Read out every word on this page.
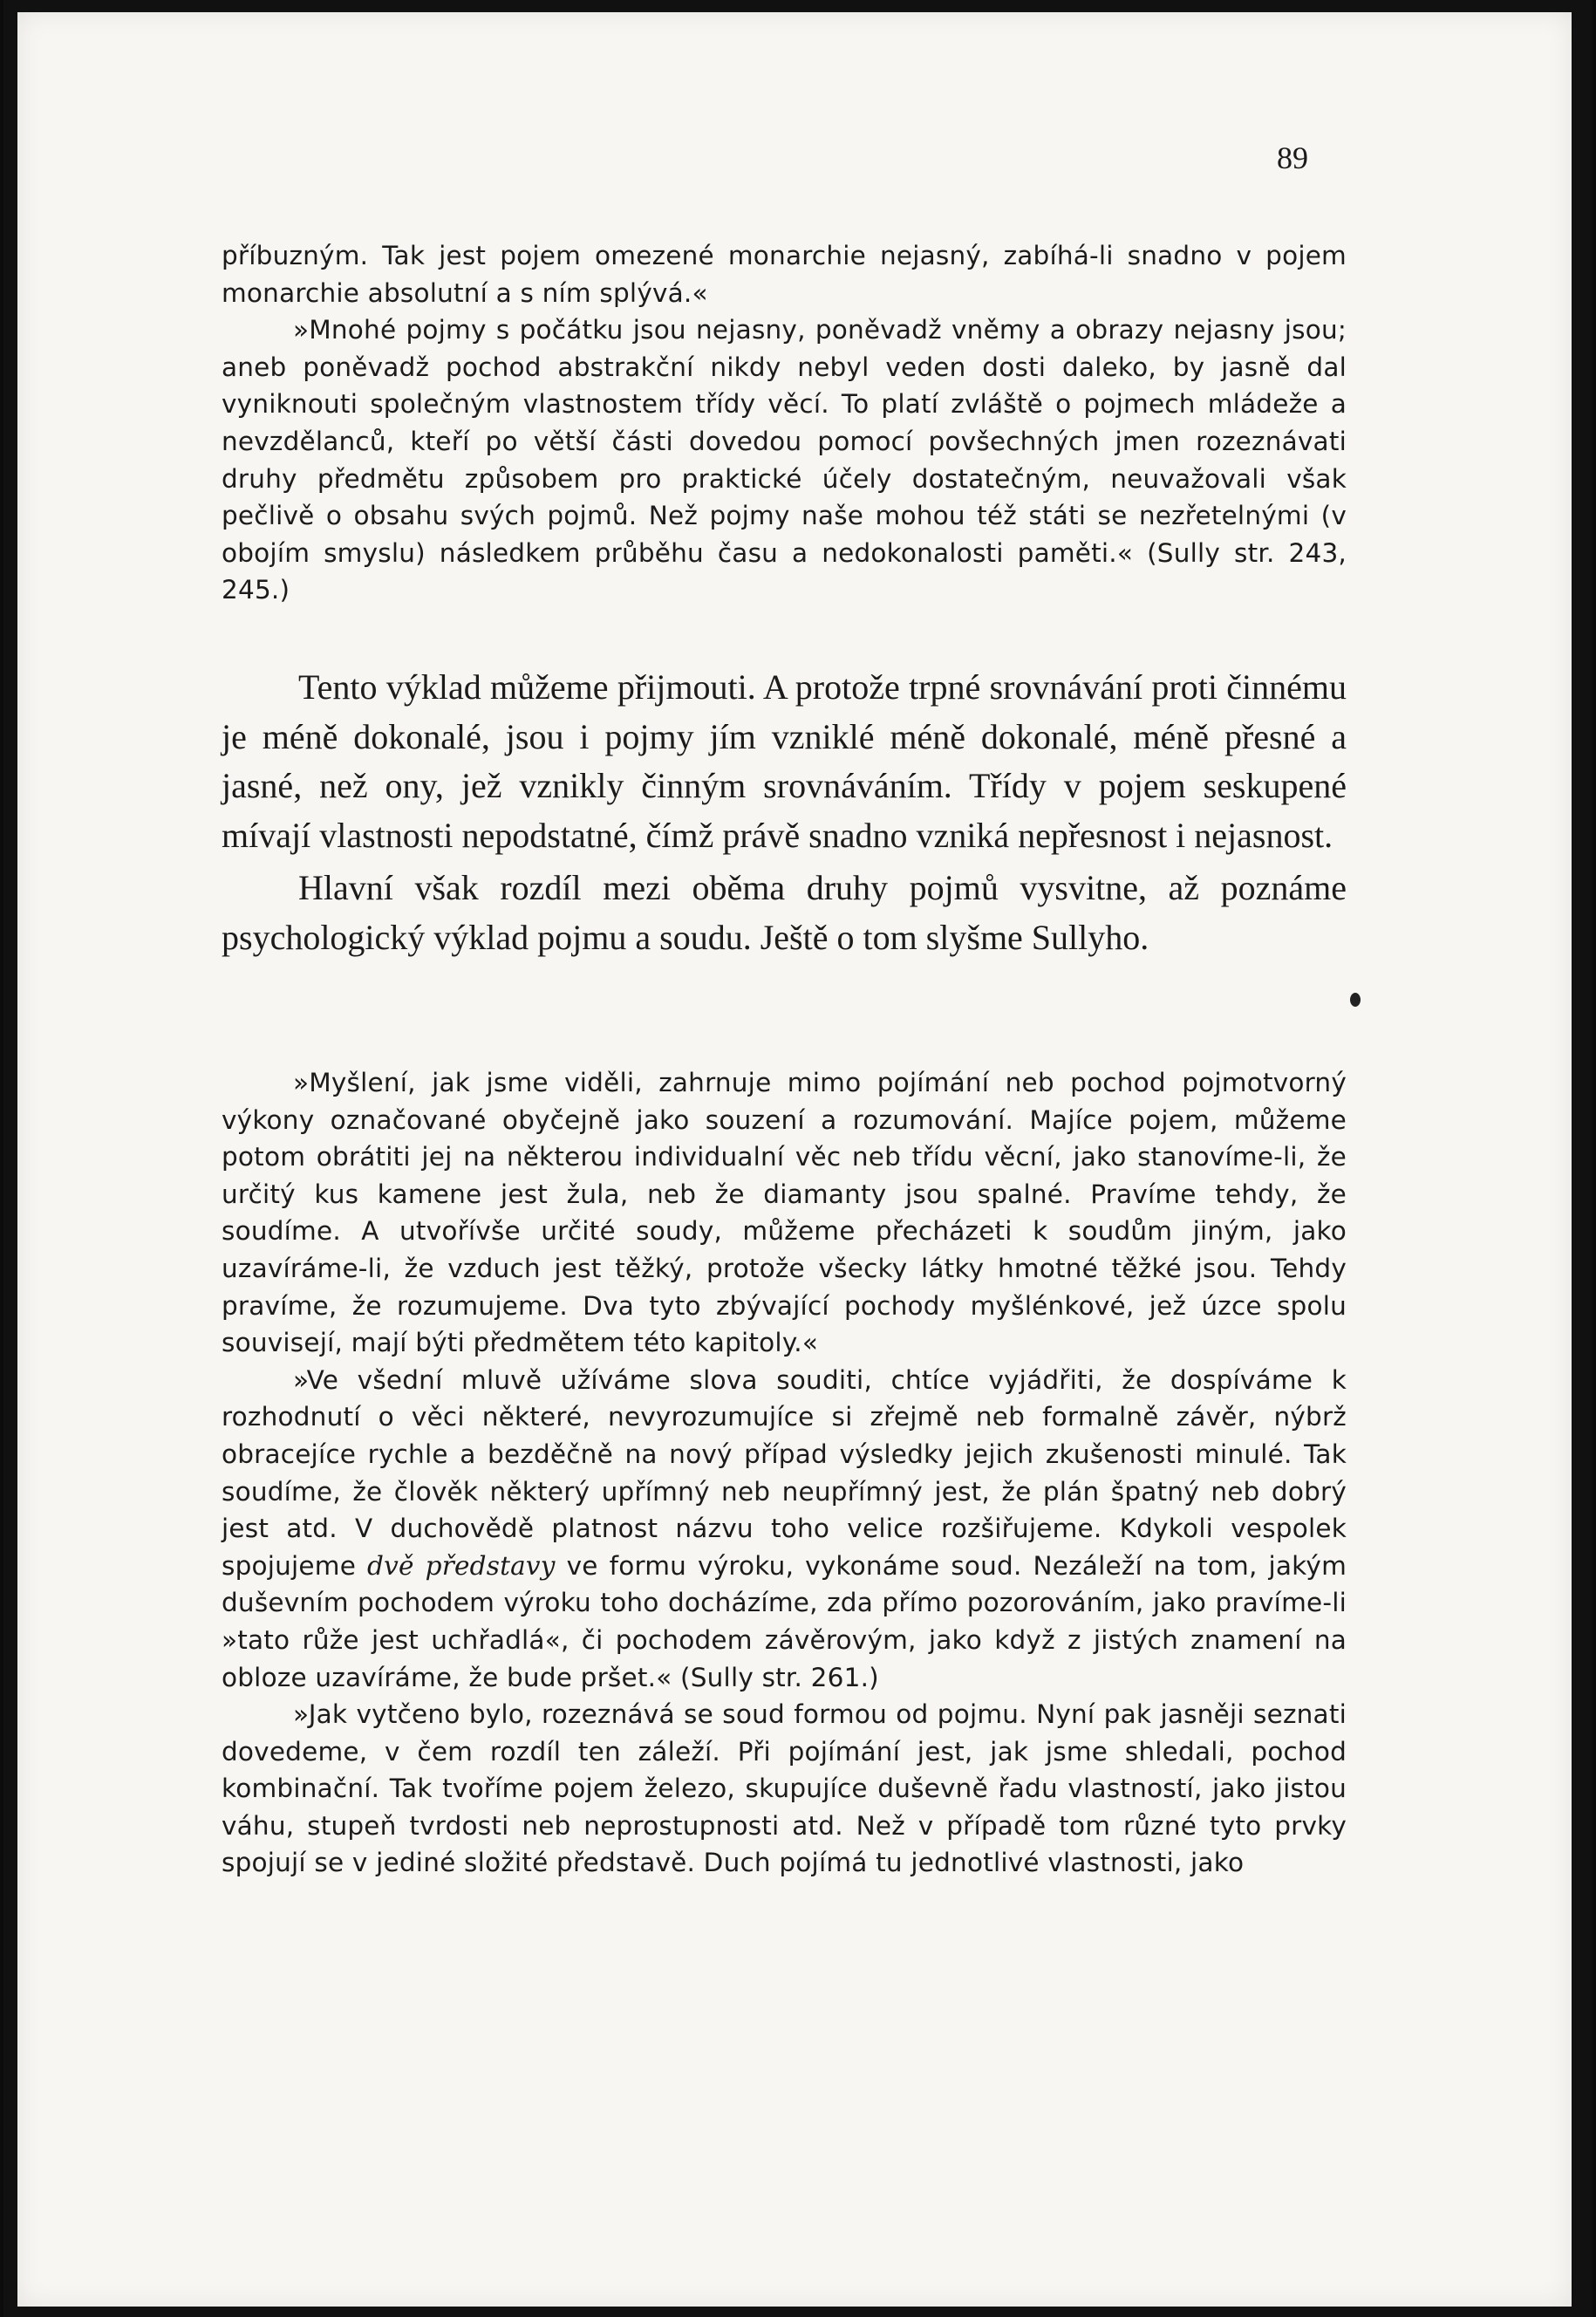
89

příbuzným. Tak jest pojem omezené monarchie nejasný, zabíhá-li snadno v pojem monarchie absolutní a s ním splývá.«

»Mnohé pojmy s počátku jsou nejasny, poněvadž vněmy a obrazy nejasny jsou; aneb poněvadž pochod abstrakční nikdy nebyl veden dosti daleko, by jasně dal vyniknouti společným vlastnostem třídy věcí. To platí zvláště o pojmech mládeže a nevzdělanců, kteří po větší části dovedou pomocí povšechných jmen rozeznávati druhy předmětu způsobem pro praktické účely dostatečným, neuvažovali však pečlivě o obsahu svých pojmů. Než pojmy naše mohou též státi se nezřetelnými (v obojím smyslu) následkem průběhu času a nedokonalosti paměti.« (Sully str. 243, 245.)

Tento výklad můžeme přijmouti. A protože trpné srovnávání proti činnému je méně dokonalé, jsou i pojmy jím vzniklé méně dokonalé, méně přesné a jasné, než ony, jež vznikly činným srovnáváním. Třídy v pojem seskupené mívají vlastnosti nepodstatné, čímž právě snadno vzniká nepřesnost i nejasnost.

Hlavní však rozdíl mezi oběma druhy pojmů vysvitne, až poznáme psychologický výklad pojmu a soudu. Ještě o tom slyšme Sullyho.

»Myšlení, jak jsme viděli, zahrnuje mimo pojímání neb pochod pojmotvorný výkony označované obyčejně jako souzení a rozumování. Majíce pojem, můžeme potom obrátiti jej na některou individualní věc neb třídu věcní, jako stanovíme-li, že určitý kus kamene jest žula, neb že diamanty jsou spalné. Pravíme tehdy, že soudíme. A utvořívše určité soudy, můžeme přecházeti k soudům jiným, jako uzavíráme-li, že vzduch jest těžký, protože všecky látky hmotné těžké jsou. Tehdy pravíme, že rozumujeme. Dva tyto zbývající pochody myšlénkové, jež úzce spolu souvisejí, mají býti předmětem této kapitoly.«

»Ve všední mluvě užíváme slova souditi, chtíce vyjádřiti, že dospíváme k rozhodnutí o věci některé, nevyrozumujíce si zřejmě neb formalně závěr, nýbrž obracejíce rychle a bezděčně na nový případ výsledky jejich zkušenosti minulé. Tak soudíme, že člověk některý upřímný neb neupřímný jest, že plán špatný neb dobrý jest atd. V duchovědě platnost názvu toho velice rozšiřujeme. Kdykoli vespolek spojujeme dvě představy ve formu výroku, vykonáme soud. Nezáleží na tom, jakým duševním pochodem výroku toho docházíme, zda přímo pozorováním, jako pravíme-li »tato růže jest uchřadlá«, či pochodem závěrovým, jako když z jistých znamení na obloze uzavíráme, že bude pršet.« (Sully str. 261.)

»Jak vytčeno bylo, rozeznává se soud formou od pojmu. Nyní pak jasněji seznati dovedeme, v čem rozdíl ten záleží. Při pojímání jest, jak jsme shledali, pochod kombinační. Tak tvoříme pojem železo, skupujíce duševně řadu vlastností, jako jistou váhu, stupeň tvrdosti neb neprostupnosti atd. Než v případě tom různé tyto prvky spojují se v jediné složité představě. Duch pojímá tu jednotlivé vlastnosti, jako
